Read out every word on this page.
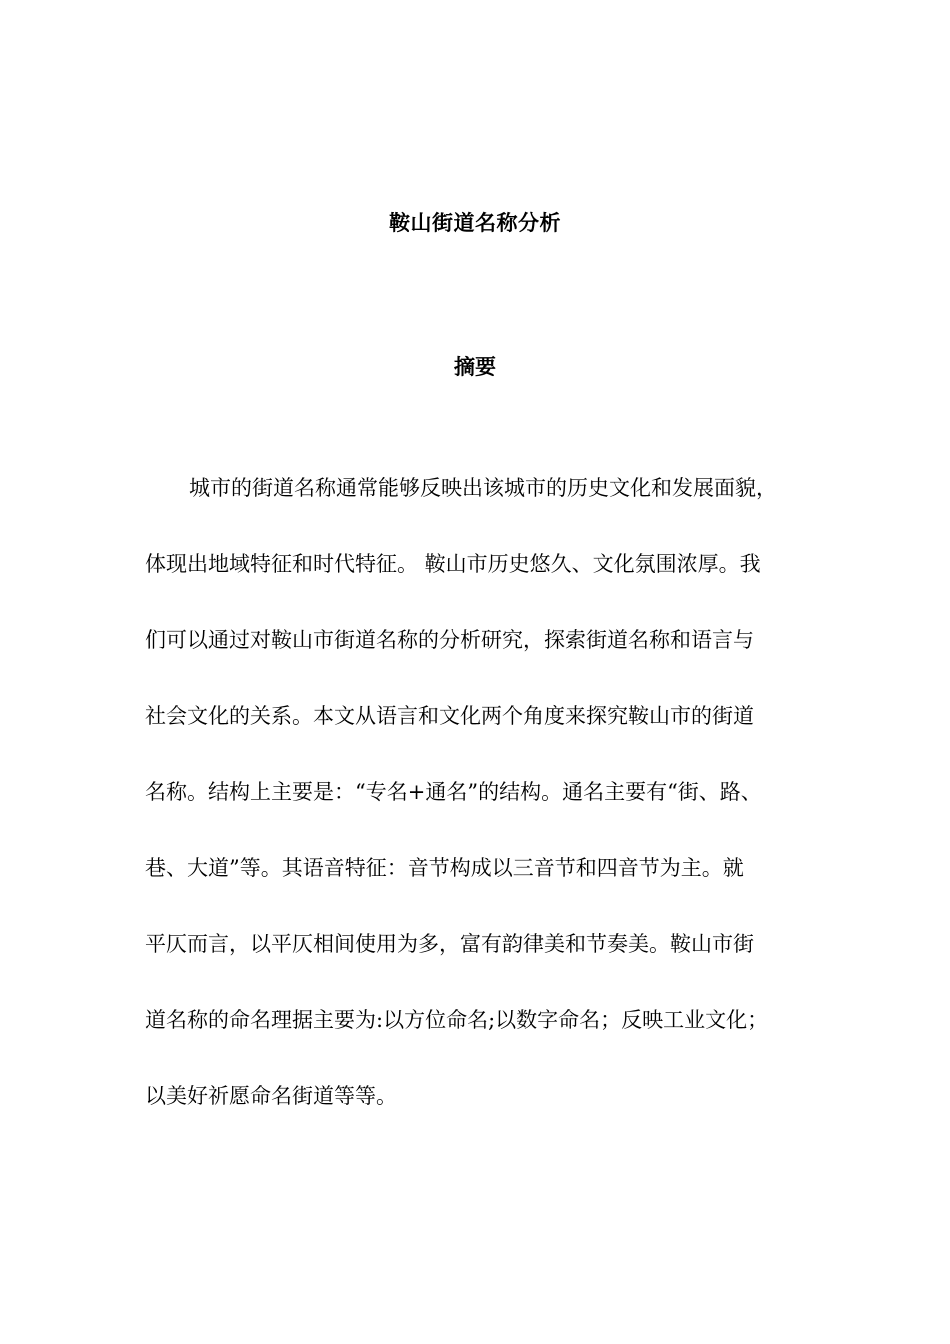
鞍山街道名称分析
摘要
城市的街道名称通常能够反映出该城市的历史文化和发展面貌，
体现出地域特征和时代特征。 鞍山市历史悠久、文化氛围浓厚。我
们可以通过对鞍山市街道名称的分析研究，探索街道名称和语言与
社会文化的关系。本文从语言和文化两个角度来探究鞍山市的街道
名称。结构上主要是：“专名+通名”的结构。通名主要有“街、路、
巷、大道”等。其语音特征：音节构成以三音节和四音节为主。就
平仄而言，以平仄相间使用为多，富有韵律美和节奏美。鞍山市街
道名称的命名理据主要为:以方位命名;以数字命名；反映工业文化；
以美好祈愿命名街道等等。
